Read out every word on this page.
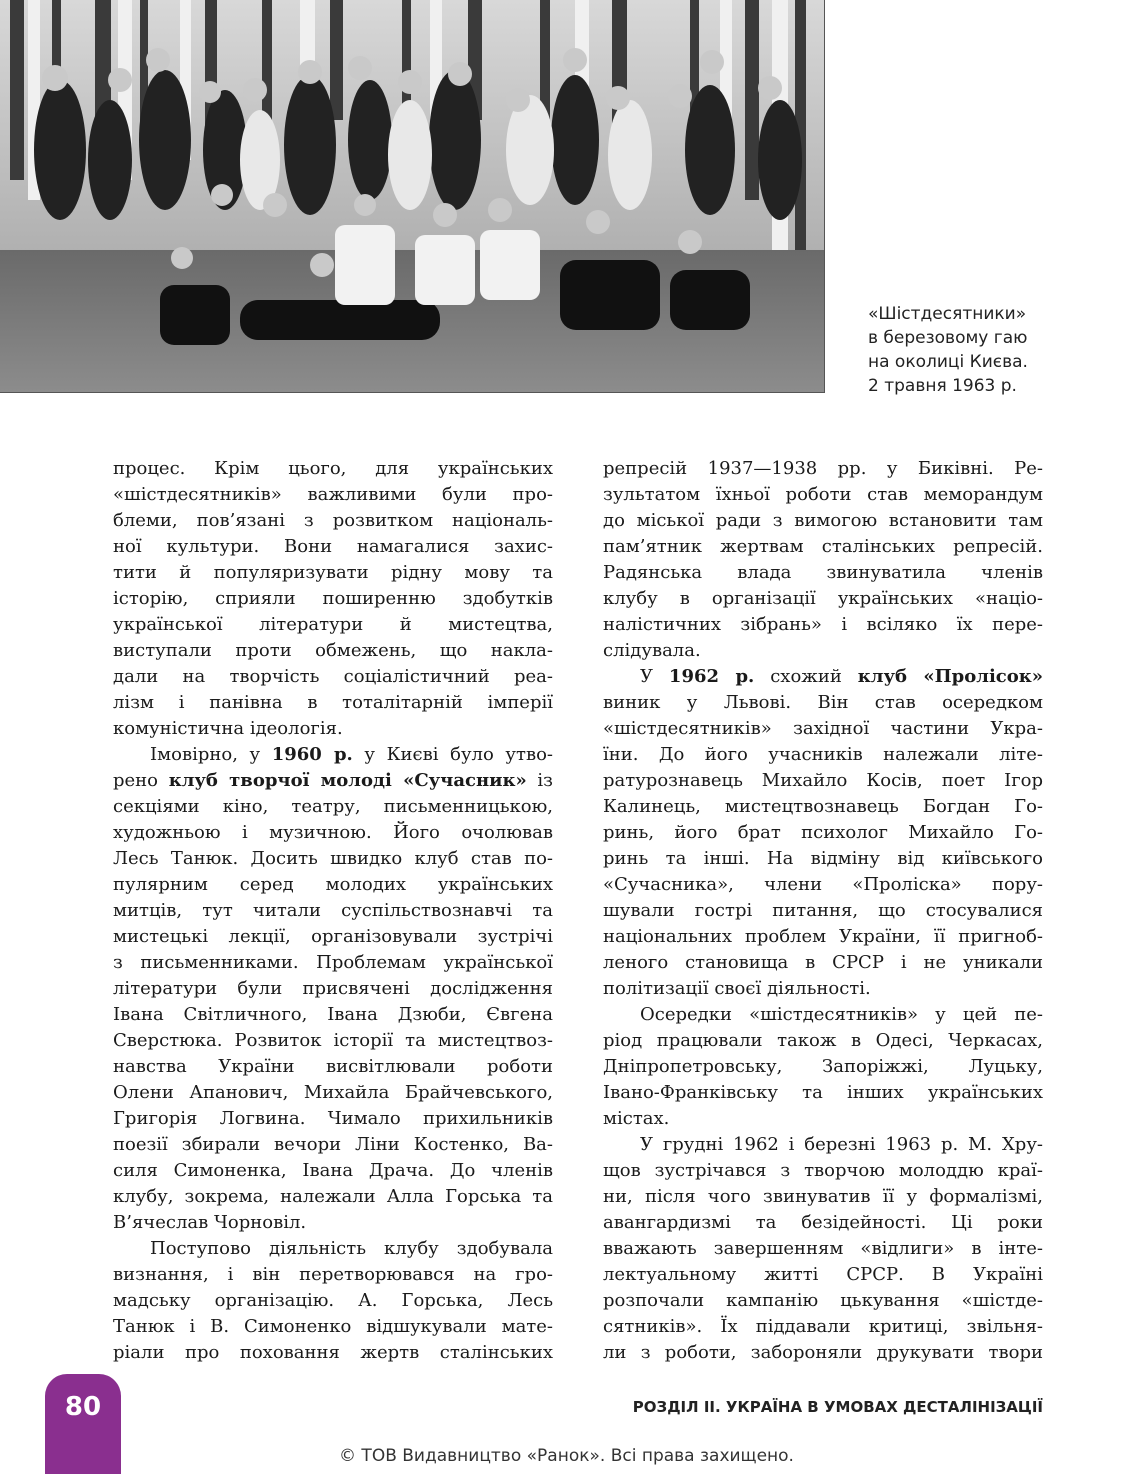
«Шістдесятники»
в березовому гаю
на околиці Києва.
2 травня 1963 р.
процес. Крім цього, для українських
«шістдесятників» важливими були про-
блеми, пов’язані з розвитком національ-
ної культури. Вони намагалися захис-
тити й популяризувати рідну мову та
історію, сприяли поширенню здобутків
української літератури й мистецтва,
виступали проти обмежень, що накла-
дали на творчість соціалістичний реа-
лізм і панівна в тоталітарній імперії
комуністична ідеологія.
Імовірно, у 1960 р. у Києві було утво-
рено клуб творчої молоді «Сучасник» із
секціями кіно, театру, письменницькою,
художньою і музичною. Його очолював
Лесь Танюк. Досить швидко клуб став по-
пулярним серед молодих українських
митців, тут читали суспільствознавчі та
мистецькі лекції, організовували зустрічі
з письменниками. Проблемам української
літератури були присвячені дослідження
Івана Світличного, Івана Дзюби, Євгена
Сверстюка. Розвиток історії та мистецтвоз-
навства України висвітлювали роботи
Олени Апанович, Михайла Брайчевського,
Григорія Логвина. Чимало прихильників
поезії збирали вечори Ліни Костенко, Ва-
силя Симоненка, Івана Драча. До членів
клубу, зокрема, належали Алла Горська та
В’ячеслав Чорновіл.
Поступово діяльність клубу здобувала
визнання, і він перетворювався на гро-
мадську організацію. А. Горська, Лесь
Танюк і В. Симоненко відшукували мате-
ріали про поховання жертв сталінських
репресій 1937—1938 рр. у Биківні. Ре-
зультатом їхньої роботи став меморандум
до міської ради з вимогою встановити там
пам’ятник жертвам сталінських репресій.
Радянська влада звинуватила членів
клубу в організації українських «націо-
налістичних зібрань» і всіляко їх пере-
слідувала.
У 1962 р. схожий клуб «Пролісок»
виник у Львові. Він став осередком
«шістдесятників» західної частини Укра-
їни. До його учасників належали літе-
ратурознавець Михайло Косів, поет Ігор
Калинець, мистецтвознавець Богдан Го-
ринь, його брат психолог Михайло Го-
ринь та інші. На відміну від київського
«Сучасника», члени «Проліска» пору-
шували гострі питання, що стосувалися
національних проблем України, її пригноб-
леного становища в СРСР і не уникали
політизації своєї діяльності.
Осередки «шістдесятників» у цей пе-
ріод працювали також в Одесі, Черкасах,
Дніпропетровську, Запоріжжі, Луцьку,
Івано-Франківську та інших українських
містах.
У грудні 1962 і березні 1963 р. М. Хру-
щов зустрічався з творчою молоддю краї-
ни, після чого звинуватив її у формалізмі,
авангардизмі та безідейності. Ці роки
вважають завершенням «відлиги» в інте-
лектуальному житті СРСР. В Україні
розпочали кампанію цькування «шістде-
сятників». Їх піддавали критиці, звільня-
ли з роботи, забороняли друкувати твори
80	РОЗДІЛ ІІ. УКРАЇНА В УМОВАХ ДЕСТАЛІНІЗАЦІЇ
© ТОВ Видавництво «Ранок». Всі права захищено.
